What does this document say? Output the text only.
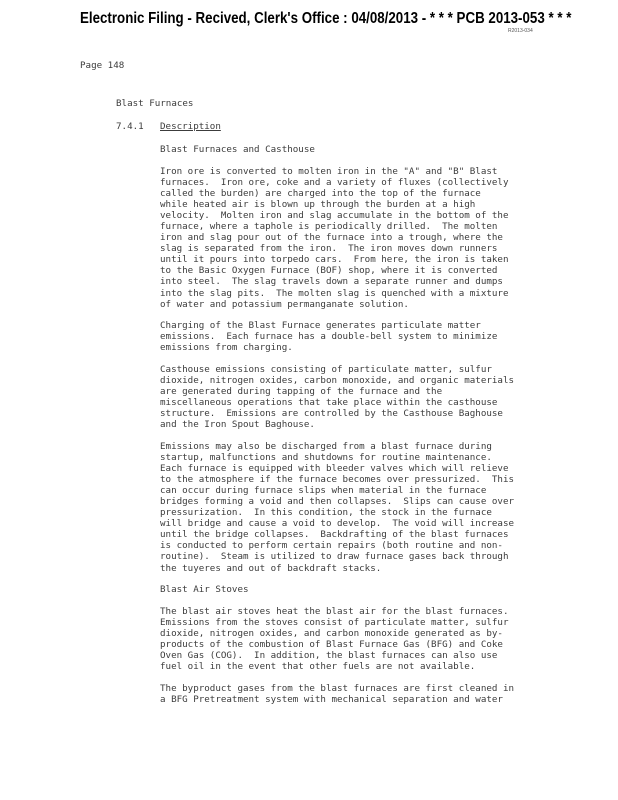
Electronic Filing - Recived, Clerk's Office : 04/08/2013 - * * * PCB 2013-053 * * *
R2013-034
Page 148
Blast Furnaces
7.4.1 Description
Blast Furnaces and Casthouse
Iron ore is converted to molten iron in the "A" and "B" Blast
furnaces.  Iron ore, coke and a variety of fluxes (collectively
called the burden) are charged into the top of the furnace
while heated air is blown up through the burden at a high
velocity.  Molten iron and slag accumulate in the bottom of the
furnace, where a taphole is periodically drilled.  The molten
iron and slag pour out of the furnace into a trough, where the
slag is separated from the iron.  The iron moves down runners
until it pours into torpedo cars.  From here, the iron is taken
to the Basic Oxygen Furnace (BOF) shop, where it is converted
into steel.  The slag travels down a separate runner and dumps
into the slag pits.  The molten slag is quenched with a mixture
of water and potassium permanganate solution.
Charging of the Blast Furnace generates particulate matter
emissions.  Each furnace has a double-bell system to minimize
emissions from charging.
Casthouse emissions consisting of particulate matter, sulfur
dioxide, nitrogen oxides, carbon monoxide, and organic materials
are generated during tapping of the furnace and the
miscellaneous operations that take place within the casthouse
structure.  Emissions are controlled by the Casthouse Baghouse
and the Iron Spout Baghouse.
Emissions may also be discharged from a blast furnace during
startup, malfunctions and shutdowns for routine maintenance.
Each furnace is equipped with bleeder valves which will relieve
to the atmosphere if the furnace becomes over pressurized.  This
can occur during furnace slips when material in the furnace
bridges forming a void and then collapses.  Slips can cause over
pressurization.  In this condition, the stock in the furnace
will bridge and cause a void to develop.  The void will increase
until the bridge collapses.  Backdrafting of the blast furnaces
is conducted to perform certain repairs (both routine and non-
routine).  Steam is utilized to draw furnace gases back through
the tuyeres and out of backdraft stacks.
Blast Air Stoves
The blast air stoves heat the blast air for the blast furnaces.
Emissions from the stoves consist of particulate matter, sulfur
dioxide, nitrogen oxides, and carbon monoxide generated as by-
products of the combustion of Blast Furnace Gas (BFG) and Coke
Oven Gas (COG).  In addition, the blast furnaces can also use
fuel oil in the event that other fuels are not available.
The byproduct gases from the blast furnaces are first cleaned in
a BFG Pretreatment system with mechanical separation and water
